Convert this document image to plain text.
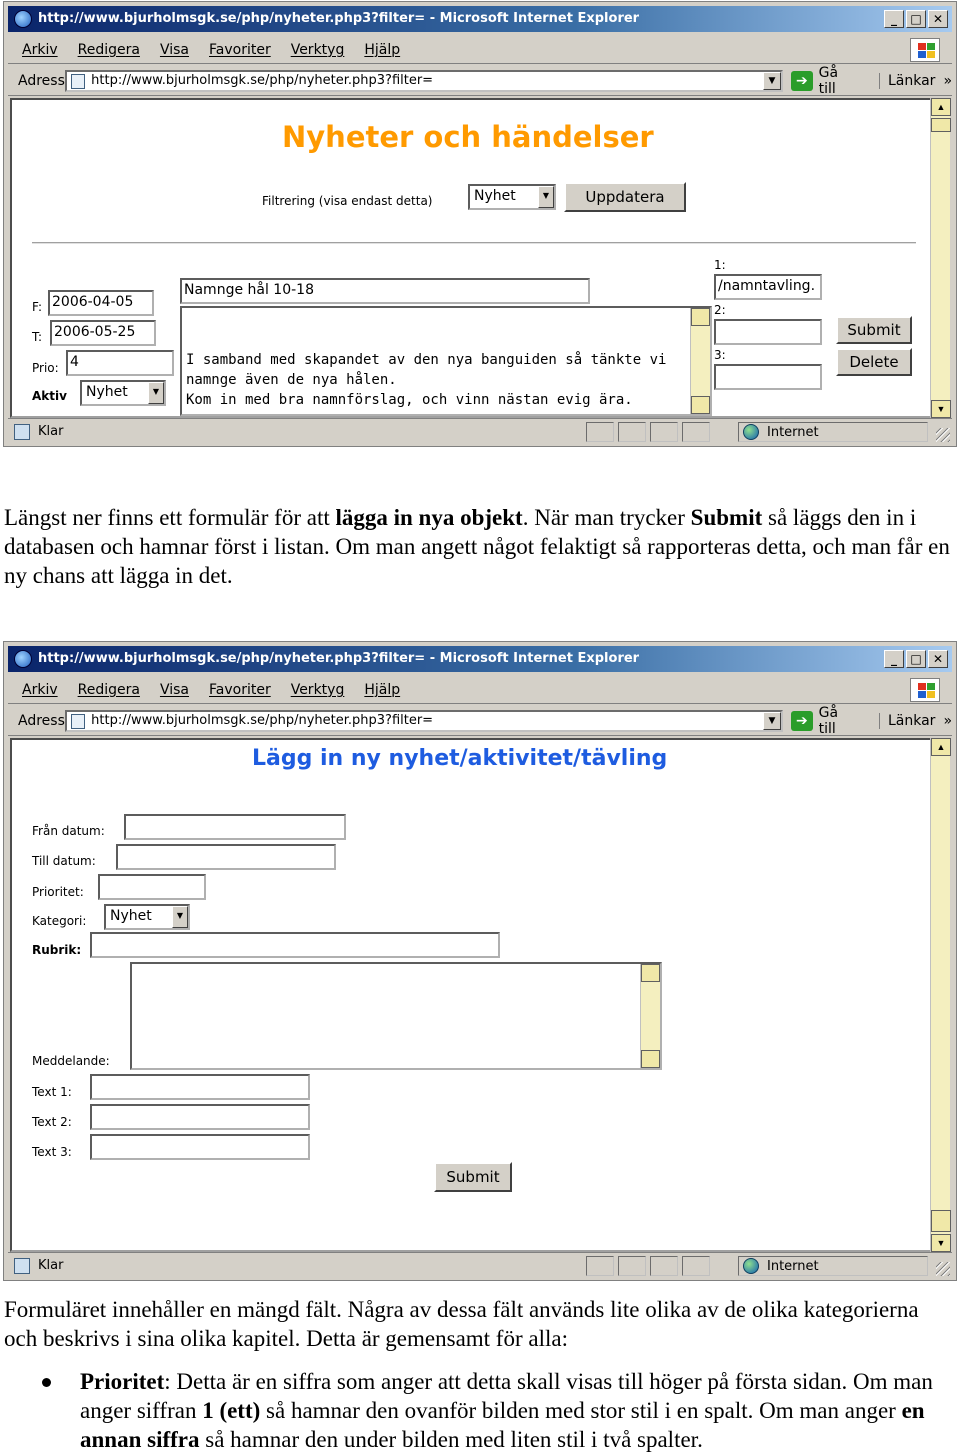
http://www.bjurholmsgk.se/php/nyheter.php3?filter= - Microsoft Internet Explorer	_	□ ✕
Arkiv Redigera Visa Favoriter Verktyg Hjälp
Adress	http://www.bjurholmsgk.se/php/nyheter.php3?filter=	▼	➔ Gå till	Länkar »
Nyheter och händelser
Filtrering (visa endast detta)	Nyhet	▼	Uppdatera
F: 2006-04-05
T: 2006-05-25
Prio: 4
Aktiv	Nyhet	▼
Namnge hål 10-18

I samband med skapandet av den nya banguiden så tänkte vi namnge även de nya hålen.
Kom in med bra namnförslag, och vinn nästan evig ära.

1:
/namntavling.
2:
3:
Submit
Delete
▲
▼
Klar	Internet
Längst ner finns ett formulär för att lägga in nya objekt. När man trycker Submit så läggs den in i databasen och hamnar först i listan. Om man angett något felaktigt så rapporteras detta, och man får en ny chans att lägga in det.
http://www.bjurholmsgk.se/php/nyheter.php3?filter= - Microsoft Internet Explorer	_	□ ✕
Arkiv Redigera Visa Favoriter Verktyg Hjälp
Adress	http://www.bjurholmsgk.se/php/nyheter.php3?filter=	▼	➔ Gå till	Länkar »
Lägg in ny nyhet/aktivitet/tävling
Från datum:
Till datum:
Prioritet:
Kategori:	Nyhet	▼
Rubrik:

Meddelande:
Text 1:
Text 2:
Text 3:
Submit
▲
▼
Klar	Internet
Formuläret innehåller en mängd fält. Några av dessa fält används lite olika av de olika kategorierna och beskrivs i sina olika kapitel. Detta är gemensamt för alla:
Prioritet: Detta är en siffra som anger att detta skall visas till höger på första sidan. Om man anger siffran 1 (ett) så hamnar den ovanför bilden med stor stil i en spalt. Om man anger en annan siffra så hamnar den under bilden med liten stil i två spalter.
